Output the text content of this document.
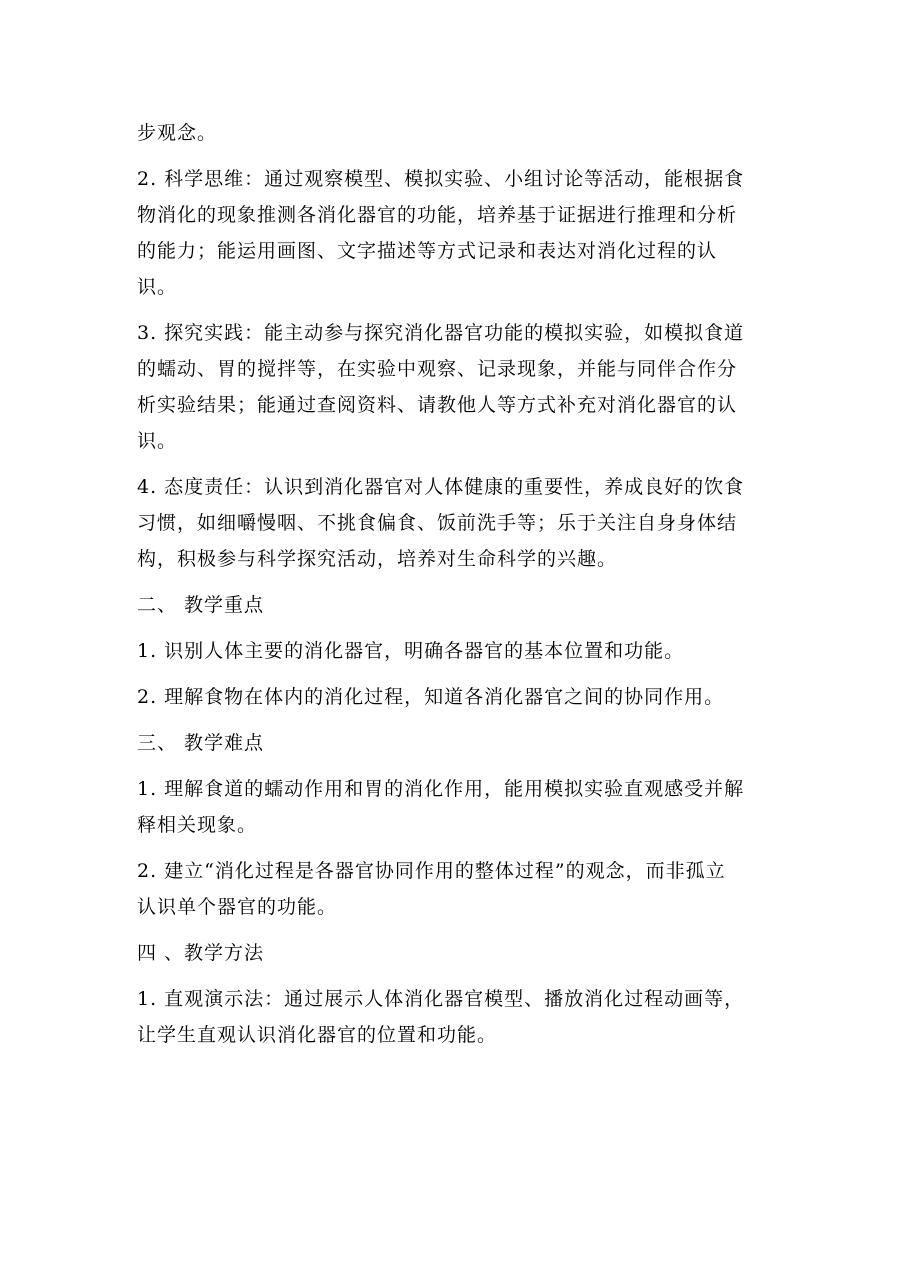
步观念。
2. 科学思维：通过观察模型、模拟实验、小组讨论等活动，能根据食
物消化的现象推测各消化器官的功能，培养基于证据进行推理和分析
的能力；能运用画图、文字描述等方式记录和表达对消化过程的认
识。
3. 探究实践：能主动参与探究消化器官功能的模拟实验，如模拟食道
的蠕动、胃的搅拌等，在实验中观察、记录现象，并能与同伴合作分
析实验结果；能通过查阅资料、请教他人等方式补充对消化器官的认
识。
4. 态度责任：认识到消化器官对人体健康的重要性，养成良好的饮食
习惯，如细嚼慢咽、不挑食偏食、饭前洗手等；乐于关注自身身体结
构，积极参与科学探究活动，培养对生命科学的兴趣。
二、 教学重点
1. 识别人体主要的消化器官，明确各器官的基本位置和功能。
2. 理解食物在体内的消化过程，知道各消化器官之间的协同作用。
三、 教学难点
1. 理解食道的蠕动作用和胃的消化作用，能用模拟实验直观感受并解
释相关现象。
2. 建立“消化过程是各器官协同作用的整体过程”的观念，而非孤立
认识单个器官的功能。
四 、教学方法
1. 直观演示法：通过展示人体消化器官模型、播放消化过程动画等，
让学生直观认识消化器官的位置和功能。
